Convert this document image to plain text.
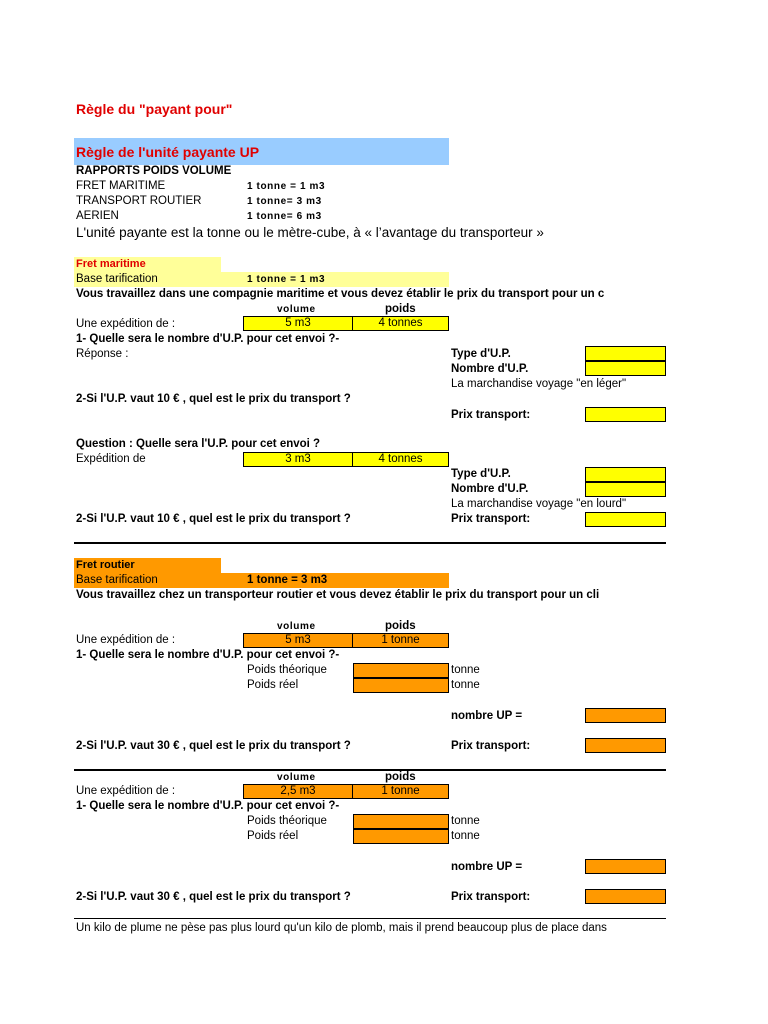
Règle du "payant pour"
Règle de l'unité payante UP
RAPPORTS POIDS VOLUME
FRET MARITIME	1 tonne = 1 m3
TRANSPORT ROUTIER	1 tonne= 3 m3
AERIEN	1 tonne= 6 m3
L'unité payante est la tonne ou le mètre-cube, à « l’avantage du transporteur »
Fret maritime
Base tarification	1 tonne = 1 m3
Vous travaillez dans une compagnie maritime et vous devez établir le prix du transport pour un c
volume	poids
Une expédition de :	5 m3	4 tonnes
1- Quelle sera le nombre d'U.P. pour cet envoi ?-
Réponse :	Type d'U.P.
Nombre d'U.P.
La marchandise voyage "en léger"
2-Si l'U.P. vaut 10 € , quel est le prix du transport ?
Prix transport:
Question : Quelle sera l'U.P. pour cet envoi ?
Expédition de	3 m3	4 tonnes
Type d'U.P.
Nombre d'U.P.
La marchandise voyage "en lourd"
2-Si l'U.P. vaut 10 € , quel est le prix du transport ?	Prix transport:
Fret routier
Base tarification	1 tonne = 3 m3
Vous travaillez chez un transporteur routier et vous devez établir le prix du transport pour un cli
volume	poids
Une expédition de :	5 m3	1 tonne
1- Quelle sera le nombre d'U.P. pour cet envoi ?-
Poids théorique	tonne
Poids réel	tonne
nombre UP =
2-Si l'U.P. vaut 30 € , quel est le prix du transport ?	Prix transport:
volume	poids
Une expédition de :	2,5 m3	1 tonne
1- Quelle sera le nombre d'U.P. pour cet envoi ?-
Poids théorique	tonne
Poids réel	tonne
nombre UP =
2-Si l'U.P. vaut 30 € , quel est le prix du transport ?	Prix transport:
Un kilo de plume ne pèse pas plus lourd qu'un kilo de plomb, mais il prend beaucoup plus de place dans
